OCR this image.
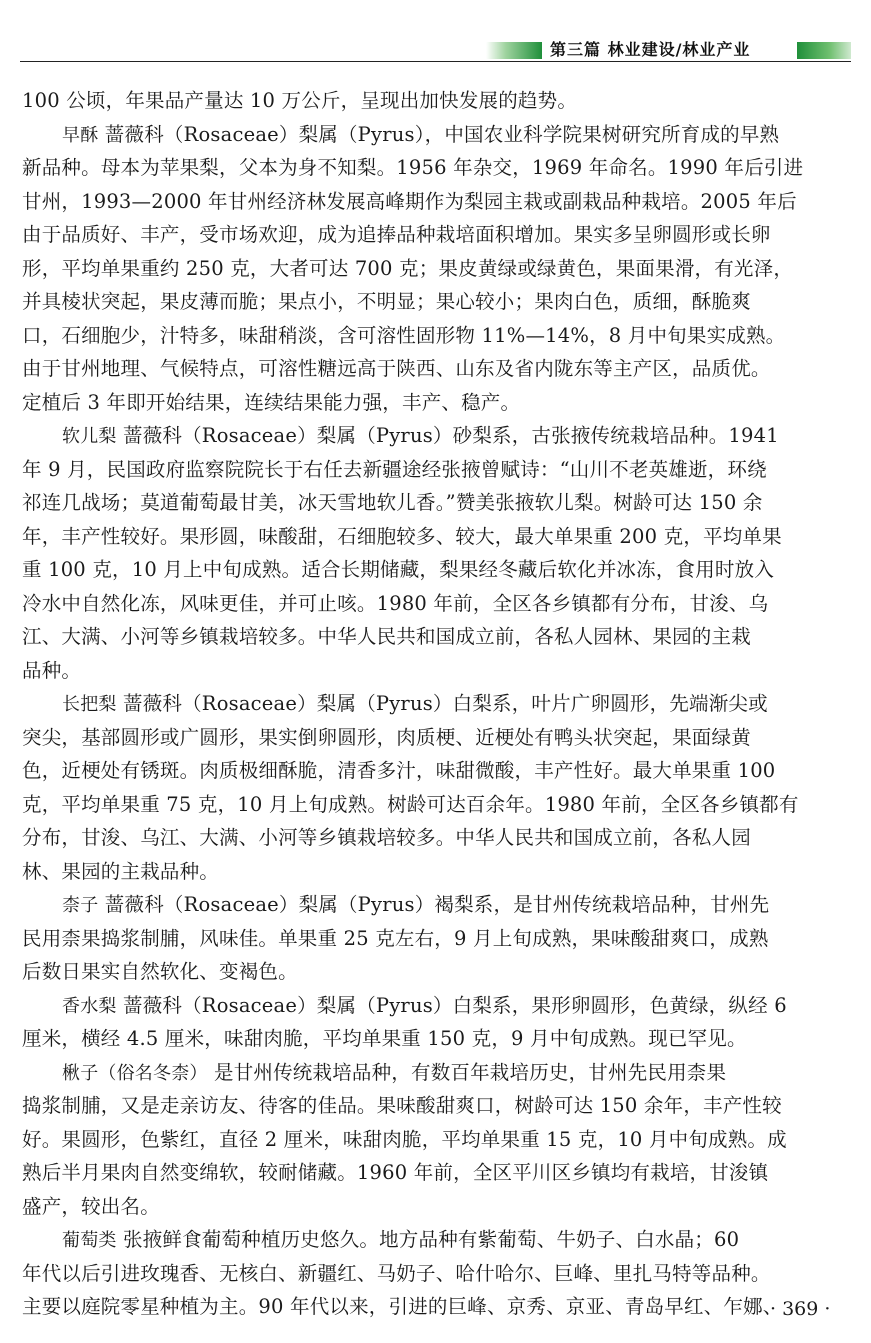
第三篇 林业建设/林业产业
100 公顷，年果品产量达 10 万公斤，呈现出加快发展的趋势。
早酥 蔷薇科（Rosaceae）梨属（Pyrus），中国农业科学院果树研究所育成的早熟
新品种。母本为苹果梨，父本为身不知梨。1956 年杂交，1969 年命名。1990 年后引进
甘州，1993—2000 年甘州经济林发展高峰期作为梨园主栽或副栽品种栽培。2005 年后
由于品质好、丰产，受市场欢迎，成为追捧品种栽培面积增加。果实多呈卵圆形或长卵
形，平均单果重约 250 克，大者可达 700 克；果皮黄绿或绿黄色，果面果滑，有光泽，
并具棱状突起，果皮薄而脆；果点小，不明显；果心较小；果肉白色，质细，酥脆爽
口，石细胞少，汁特多，味甜稍淡，含可溶性固形物 11%—14%，8 月中旬果实成熟。
由于甘州地理、气候特点，可溶性糖远高于陕西、山东及省内陇东等主产区，品质优。
定植后 3 年即开始结果，连续结果能力强，丰产、稳产。
软儿梨 蔷薇科（Rosaceae）梨属（Pyrus）砂梨系，古张掖传统栽培品种。1941
年 9 月，民国政府监察院院长于右任去新疆途经张掖曾赋诗：“山川不老英雄逝，环绕
祁连几战场；莫道葡萄最甘美，冰天雪地软儿香。”赞美张掖软儿梨。树龄可达 150 余
年，丰产性较好。果形圆，味酸甜，石细胞较多、较大，最大单果重 200 克，平均单果
重 100 克，10 月上中旬成熟。适合长期储藏，梨果经冬藏后软化并冰冻，食用时放入
冷水中自然化冻，风味更佳，并可止咳。1980 年前，全区各乡镇都有分布，甘浚、乌
江、大满、小河等乡镇栽培较多。中华人民共和国成立前，各私人园林、果园的主栽
品种。
长把梨 蔷薇科（Rosaceae）梨属（Pyrus）白梨系，叶片广卵圆形，先端渐尖或
突尖，基部圆形或广圆形，果实倒卵圆形，肉质梗、近梗处有鸭头状突起，果面绿黄
色，近梗处有锈斑。肉质极细酥脆，清香多汁，味甜微酸，丰产性好。最大单果重 100
克，平均单果重 75 克，10 月上旬成熟。树龄可达百余年。1980 年前，全区各乡镇都有
分布，甘浚、乌江、大满、小河等乡镇栽培较多。中华人民共和国成立前，各私人园
林、果园的主栽品种。
柰子 蔷薇科（Rosaceae）梨属（Pyrus）褐梨系，是甘州传统栽培品种，甘州先
民用柰果捣浆制脯，风味佳。单果重 25 克左右，9 月上旬成熟，果味酸甜爽口，成熟
后数日果实自然软化、变褐色。
香水梨 蔷薇科（Rosaceae）梨属（Pyrus）白梨系，果形卵圆形，色黄绿，纵经 6
厘米，横经 4.5 厘米，味甜肉脆，平均单果重 150 克，9 月中旬成熟。现已罕见。
楸子（俗名冬柰） 是甘州传统栽培品种，有数百年栽培历史，甘州先民用柰果
捣浆制脯，又是走亲访友、待客的佳品。果味酸甜爽口，树龄可达 150 余年，丰产性较
好。果圆形，色紫红，直径 2 厘米，味甜肉脆，平均单果重 15 克，10 月中旬成熟。成
熟后半月果肉自然变绵软，较耐储藏。1960 年前，全区平川区乡镇均有栽培，甘浚镇
盛产，较出名。
葡萄类 张掖鲜食葡萄种植历史悠久。地方品种有紫葡萄、牛奶子、白水晶；60
年代以后引进玫瑰香、无核白、新疆红、马奶子、哈什哈尔、巨峰、里扎马特等品种。
主要以庭院零星种植为主。90 年代以来，引进的巨峰、京秀、京亚、青岛早红、乍娜、
· 369 ·
